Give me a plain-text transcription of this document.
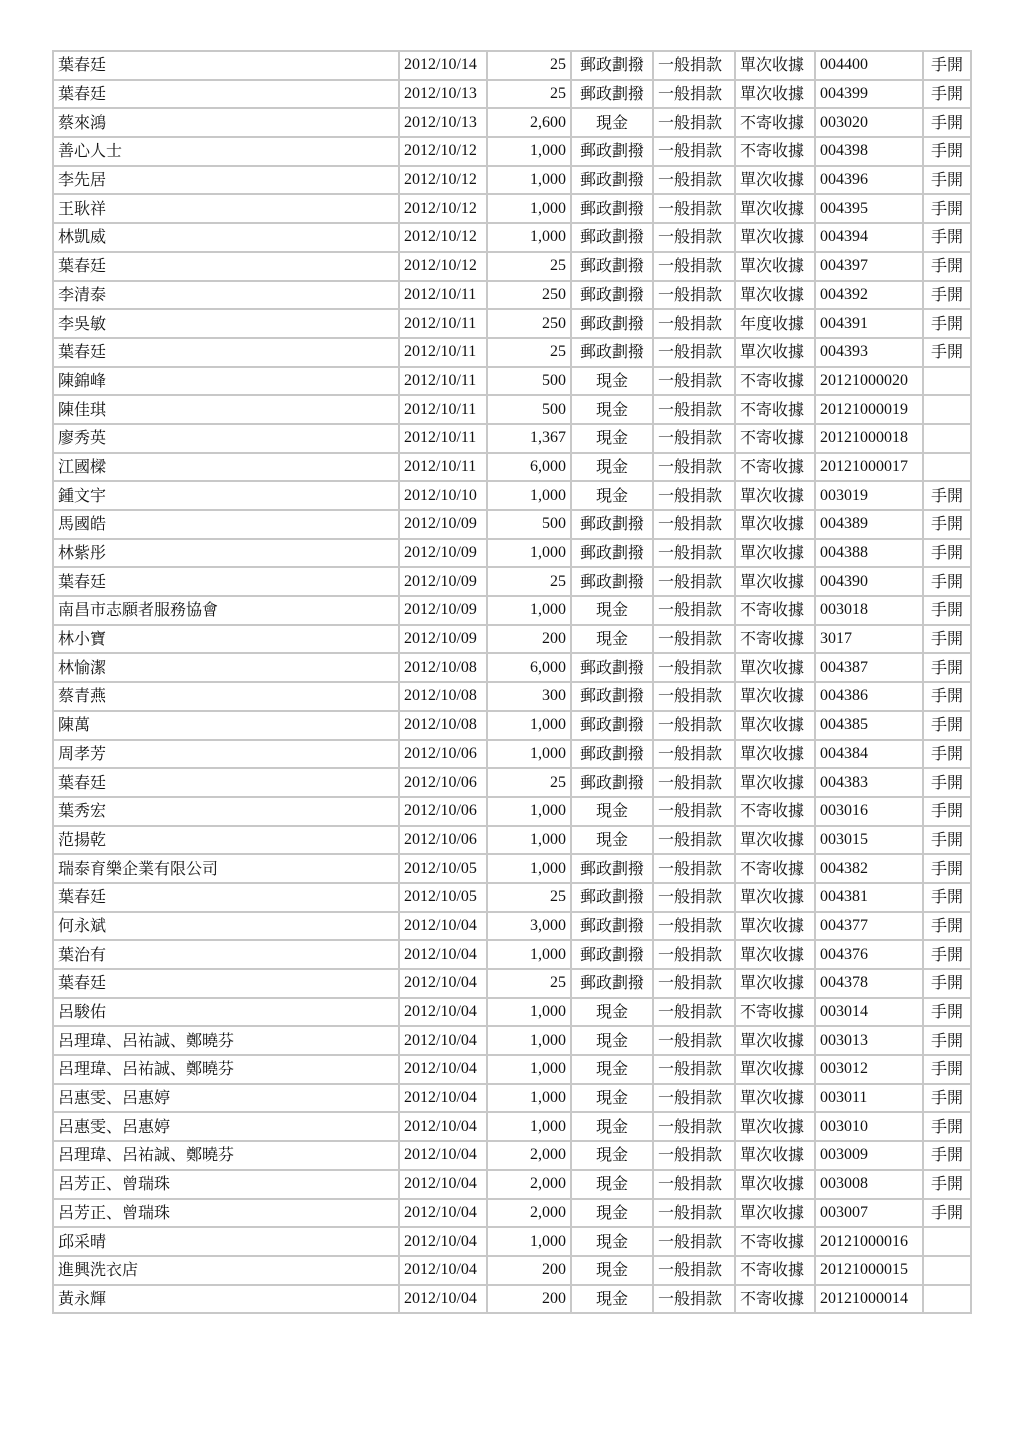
葉春廷	2012/10/14	25	郵政劃撥	一般捐款	單次收據	004400	手開
葉春廷	2012/10/13	25	郵政劃撥	一般捐款	單次收據	004399	手開
蔡來鴻	2012/10/13	2,600	現金	一般捐款	不寄收據	003020	手開
善心人士	2012/10/12	1,000	郵政劃撥	一般捐款	不寄收據	004398	手開
李先居	2012/10/12	1,000	郵政劃撥	一般捐款	單次收據	004396	手開
王耿祥	2012/10/12	1,000	郵政劃撥	一般捐款	單次收據	004395	手開
林凱威	2012/10/12	1,000	郵政劃撥	一般捐款	單次收據	004394	手開
葉春廷	2012/10/12	25	郵政劃撥	一般捐款	單次收據	004397	手開
李清泰	2012/10/11	250	郵政劃撥	一般捐款	單次收據	004392	手開
李吳敏	2012/10/11	250	郵政劃撥	一般捐款	年度收據	004391	手開
葉春廷	2012/10/11	25	郵政劃撥	一般捐款	單次收據	004393	手開
陳錦峰	2012/10/11	500	現金	一般捐款	不寄收據	20121000020	
陳佳琪	2012/10/11	500	現金	一般捐款	不寄收據	20121000019	
廖秀英	2012/10/11	1,367	現金	一般捐款	不寄收據	20121000018	
江國樑	2012/10/11	6,000	現金	一般捐款	不寄收據	20121000017	
鍾文宇	2012/10/10	1,000	現金	一般捐款	單次收據	003019	手開
馬國皓	2012/10/09	500	郵政劃撥	一般捐款	單次收據	004389	手開
林紫彤	2012/10/09	1,000	郵政劃撥	一般捐款	單次收據	004388	手開
葉春廷	2012/10/09	25	郵政劃撥	一般捐款	單次收據	004390	手開
南昌市志願者服務協會	2012/10/09	1,000	現金	一般捐款	不寄收據	003018	手開
林小寶	2012/10/09	200	現金	一般捐款	不寄收據	3017	手開
林愉潔	2012/10/08	6,000	郵政劃撥	一般捐款	單次收據	004387	手開
蔡青燕	2012/10/08	300	郵政劃撥	一般捐款	單次收據	004386	手開
陳萬	2012/10/08	1,000	郵政劃撥	一般捐款	單次收據	004385	手開
周孝芳	2012/10/06	1,000	郵政劃撥	一般捐款	單次收據	004384	手開
葉春廷	2012/10/06	25	郵政劃撥	一般捐款	單次收據	004383	手開
葉秀宏	2012/10/06	1,000	現金	一般捐款	不寄收據	003016	手開
范揚乾	2012/10/06	1,000	現金	一般捐款	單次收據	003015	手開
瑞泰育樂企業有限公司	2012/10/05	1,000	郵政劃撥	一般捐款	不寄收據	004382	手開
葉春廷	2012/10/05	25	郵政劃撥	一般捐款	單次收據	004381	手開
何永斌	2012/10/04	3,000	郵政劃撥	一般捐款	單次收據	004377	手開
葉治有	2012/10/04	1,000	郵政劃撥	一般捐款	單次收據	004376	手開
葉春廷	2012/10/04	25	郵政劃撥	一般捐款	單次收據	004378	手開
呂駿佑	2012/10/04	1,000	現金	一般捐款	不寄收據	003014	手開
呂理瑋、呂祐誠、鄭曉芬	2012/10/04	1,000	現金	一般捐款	單次收據	003013	手開
呂理瑋、呂祐誠、鄭曉芬	2012/10/04	1,000	現金	一般捐款	單次收據	003012	手開
呂惠雯、呂惠婷	2012/10/04	1,000	現金	一般捐款	單次收據	003011	手開
呂惠雯、呂惠婷	2012/10/04	1,000	現金	一般捐款	單次收據	003010	手開
呂理瑋、呂祐誠、鄭曉芬	2012/10/04	2,000	現金	一般捐款	單次收據	003009	手開
呂芳正、曾瑞珠	2012/10/04	2,000	現金	一般捐款	單次收據	003008	手開
呂芳正、曾瑞珠	2012/10/04	2,000	現金	一般捐款	單次收據	003007	手開
邱采晴	2012/10/04	1,000	現金	一般捐款	不寄收據	20121000016	
進興洗衣店	2012/10/04	200	現金	一般捐款	不寄收據	20121000015	
黃永輝	2012/10/04	200	現金	一般捐款	不寄收據	20121000014	
